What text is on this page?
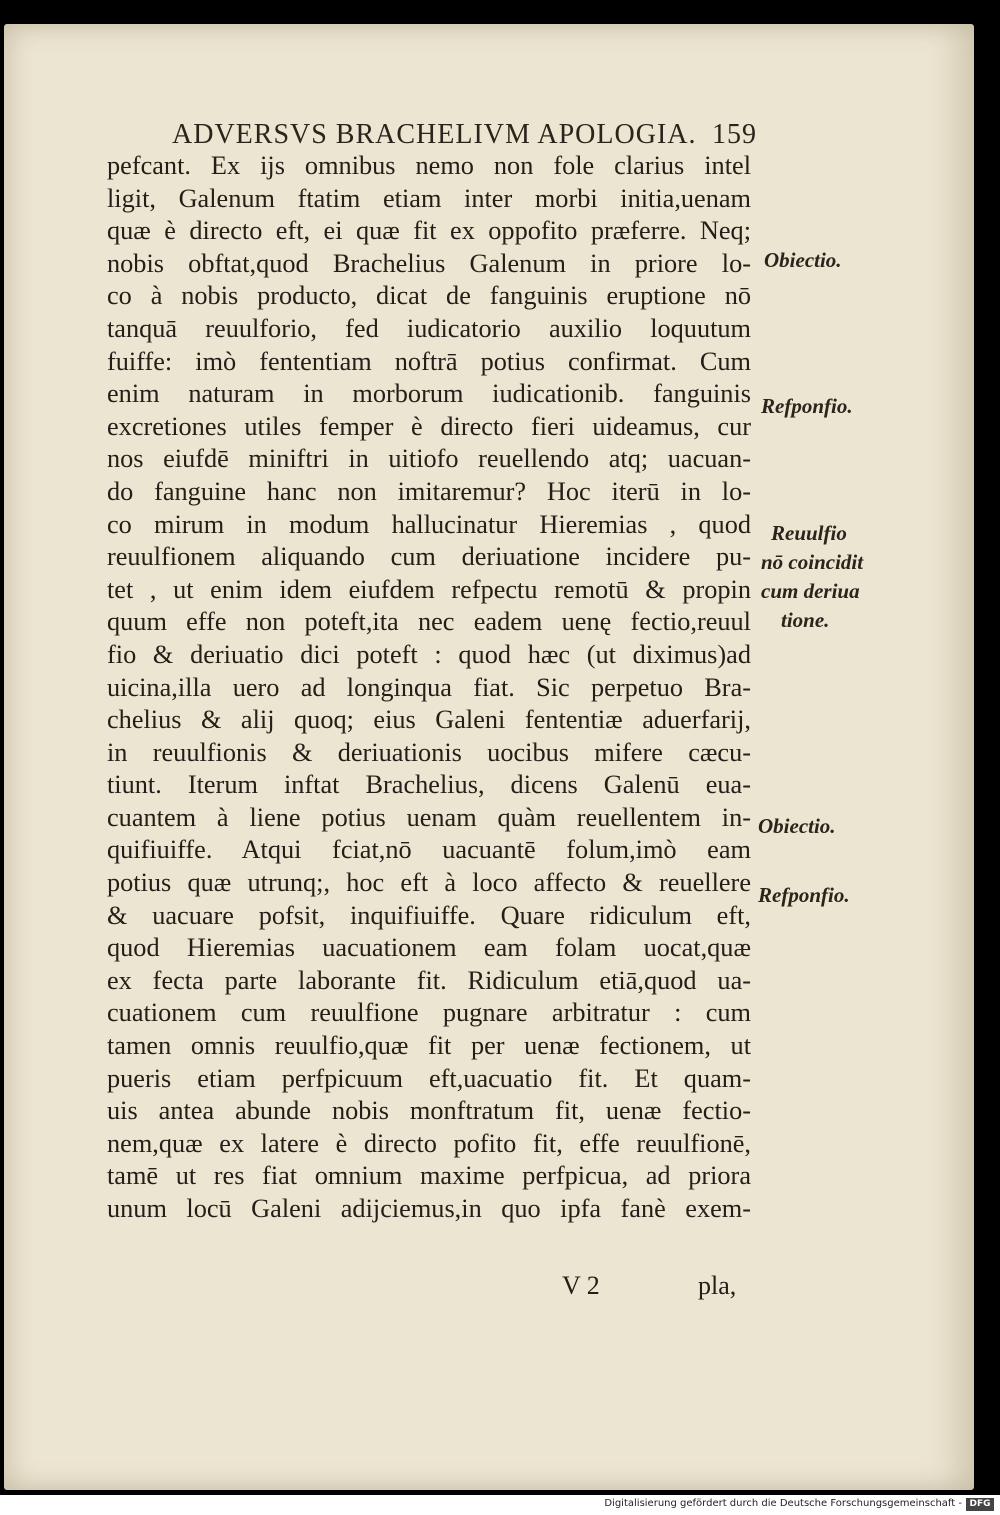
ADVERSVS BRACHELIVM APOLOGIA. 159
pefcant. Ex ijs omnibus nemo non fole clarius intel
ligit, Galenum ftatim etiam inter morbi initia,uenam
quæ è directo eft, ei quæ fit ex oppofito præferre. Neq;
nobis obftat,quod Brachelius Galenum in priore lo-
co à nobis producto, dicat de fanguinis eruptione nō
tanquā reuulforio, fed iudicatorio auxilio loquutum
fuiffe: imò fententiam noftrā potius confirmat. Cum
enim naturam in morborum iudicationib. fanguinis
excretiones utiles femper è directo fieri uideamus, cur
nos eiufdē miniftri in uitiofo reuellendo atq; uacuan-
do fanguine hanc non imitaremur? Hoc iterū in lo-
co mirum in modum hallucinatur Hieremias , quod
reuulfionem aliquando cum deriuatione incidere pu-
tet , ut enim idem eiufdem refpectu remotū & propin
quum effe non poteft,ita nec eadem uenę fectio,reuul
fio & deriuatio dici poteft : quod hæc (ut diximus)ad
uicina,illa uero ad longinqua fiat. Sic perpetuo Bra-
chelius & alij quoq; eius Galeni fententiæ aduerfarij,
in reuulfionis & deriuationis uocibus mifere cæcu-
tiunt. Iterum inftat Brachelius, dicens Galenū eua-
cuantem à liene potius uenam quàm reuellentem in-
quifiuiffe. Atqui fciat,nō uacuantē folum,imò eam
potius quæ utrunq;, hoc eft à loco affecto & reuellere
& uacuare pofsit, inquifiuiffe. Quare ridiculum eft,
quod Hieremias uacuationem eam folam uocat,quæ
ex fecta parte laborante fit. Ridiculum etiā,quod ua-
cuationem cum reuulfione pugnare arbitratur : cum
tamen omnis reuulfio,quæ fit per uenæ fectionem, ut
pueris etiam perfpicuum eft,uacuatio fit. Et quam-
uis antea abunde nobis monftratum fit, uenæ fectio-
nem,quæ ex latere è directo pofito fit, effe reuulfionē,
tamē ut res fiat omnium maxime perfpicua, ad priora
unum locū Galeni adijciemus,in quo ipfa fanè exem-
Obiectio.
Refponfio.
Reuulfio
nō coincidit
cum deriua
tione.
Obiectio.
Refponfio.
V 2	pla,
Digitalisierung gefördert durch die Deutsche Forschungsgemeinschaft - DFG
